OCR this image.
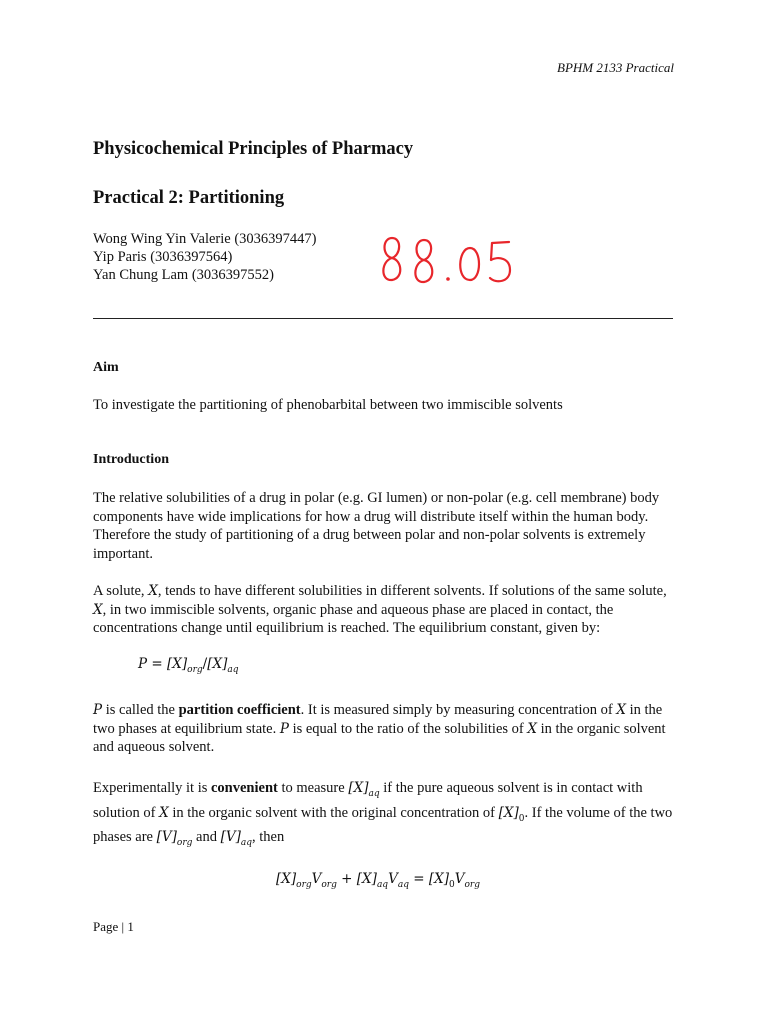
BPHM 2133 Practical
Physicochemical Principles of Pharmacy
Practical 2: Partitioning
Wong Wing Yin Valerie (3036397447)
Yip Paris (3036397564)
Yan Chung Lam (3036397552)
Aim
To investigate the partitioning of phenobarbital between two immiscible solvents
Introduction
The relative solubilities of a drug in polar (e.g. GI lumen) or non-polar (e.g. cell membrane) body components have wide implications for how a drug will distribute itself within the human body. Therefore the study of partitioning of a drug between polar and non-polar solvents is extremely important.
A solute, X, tends to have different solubilities in different solvents. If solutions of the same solute, X, in two immiscible solvents, organic phase and aqueous phase are placed in contact, the concentrations change until equilibrium is reached. The equilibrium constant, given by:
$P = [X]_{org}/[X]_{aq}$
P is called the partition coefficient. It is measured simply by measuring concentration of X in the two phases at equilibrium state. P is equal to the ratio of the solubilities of X in the organic solvent and aqueous solvent.
Experimentally it is convenient to measure $[X]_{aq}$ if the pure aqueous solvent is in contact with solution of X in the organic solvent with the original concentration of $[X]_0$. If the volume of the two phases are $[V]_{org}$ and $[V]_{aq}$, then
$[X]_{org}V_{org} + [X]_{aq}V_{aq} = [X]_0V_{org}$
Page | 1
